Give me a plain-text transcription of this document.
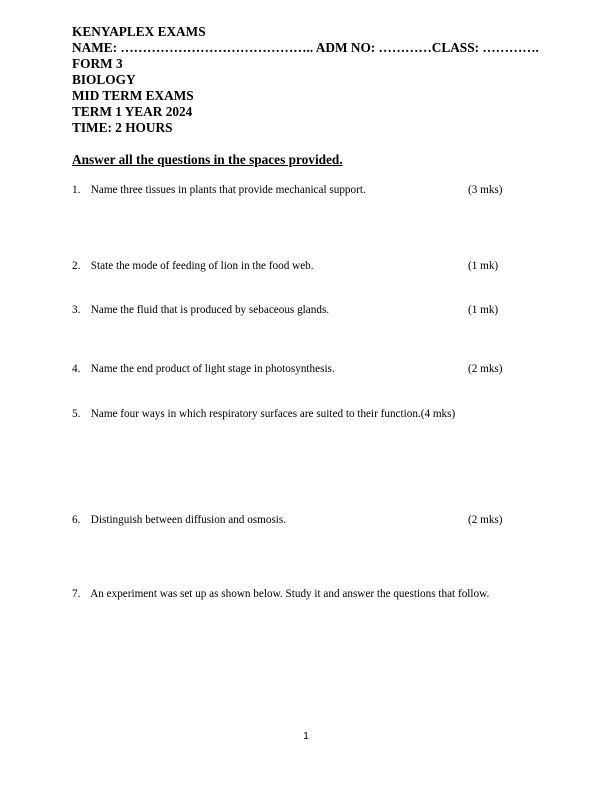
KENYAPLEX EXAMS
NAME: …………………………………….. ADM NO: …………CLASS: ………….
FORM 3
BIOLOGY
MID TERM EXAMS
TERM 1 YEAR 2024
TIME: 2 HOURS
Answer all the questions in the spaces provided.
1. Name three tissues in plants that provide mechanical support.	(3 mks)
2. State the mode of feeding of lion in the food web.	(1 mk)
3. Name the fluid that is produced by sebaceous glands.	(1 mk)
4. Name the end product of light stage in photosynthesis.	(2 mks)
5. Name four ways in which respiratory surfaces are suited to their function.(4 mks)
6. Distinguish between diffusion and osmosis.	(2 mks)
7. An experiment was set up as shown below. Study it and answer the questions that follow.
1
